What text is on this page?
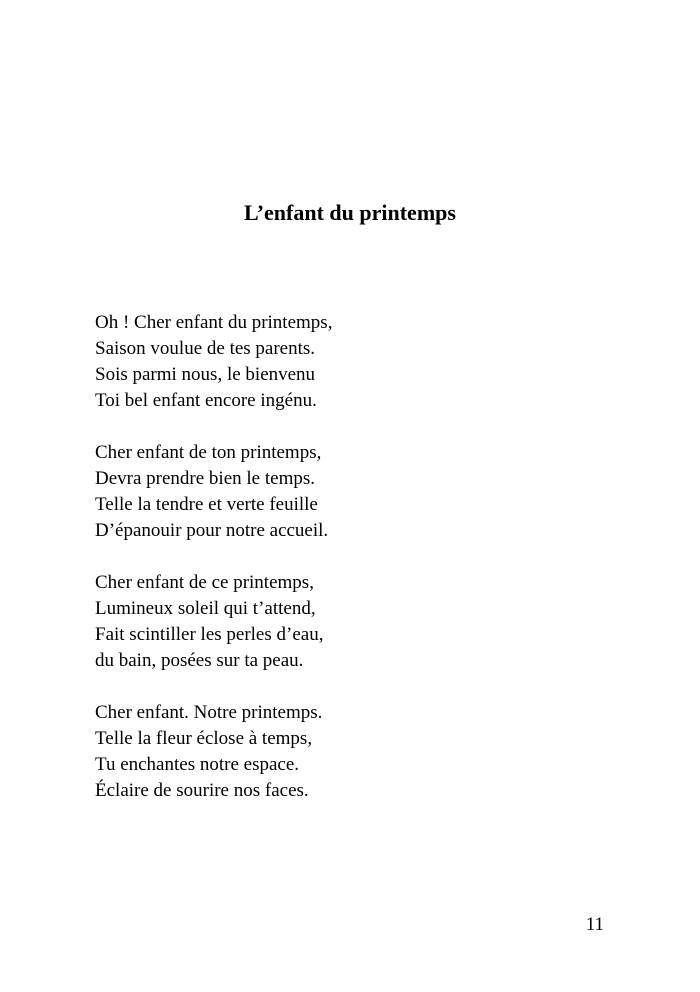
L’enfant du printemps
Oh ! Cher enfant du printemps,
Saison voulue de tes parents.
Sois parmi nous, le bienvenu
Toi bel enfant encore ingénu.
Cher enfant de ton printemps,
Devra prendre bien le temps.
Telle la tendre et verte feuille
D’épanouir pour notre accueil.
Cher enfant de ce printemps,
Lumineux soleil qui t’attend,
Fait scintiller les perles d’eau,
du bain, posées sur ta peau.
Cher enfant. Notre printemps.
Telle la fleur éclose à temps,
Tu enchantes notre espace.
Éclaire de sourire nos faces.
11
